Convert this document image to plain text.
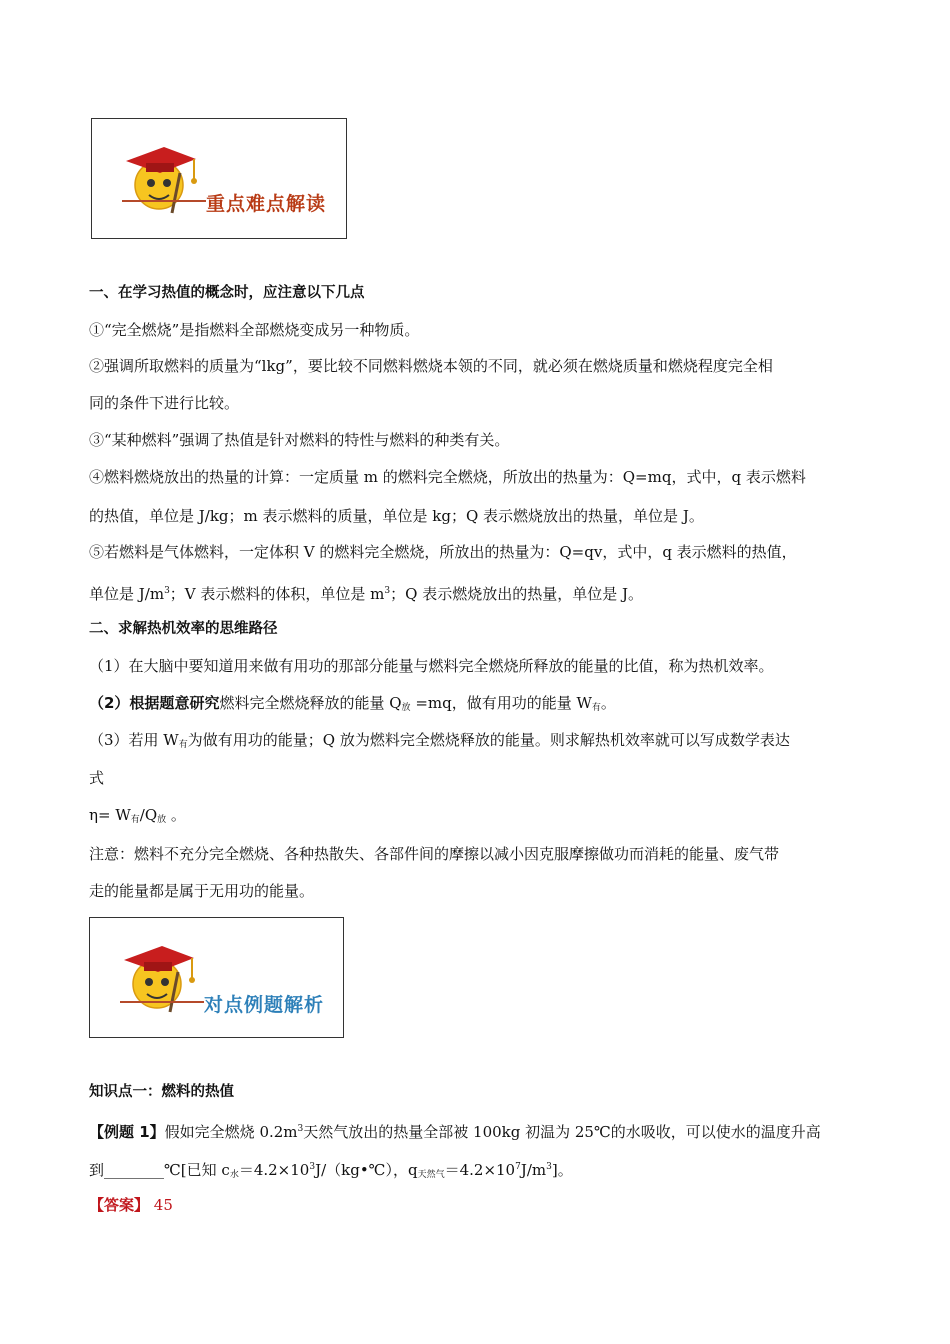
重点难点解读
一、在学习热值的概念时，应注意以下几点
①“完全燃烧”是指燃料全部燃烧变成另一种物质。
②强调所取燃料的质量为“lkg”，要比较不同燃料燃烧本领的不同，就必须在燃烧质量和燃烧程度完全相
同的条件下进行比较。
③“某种燃料”强调了热值是针对燃料的特性与燃料的种类有关。
④燃料燃烧放出的热量的计算：一定质量 m 的燃料完全燃烧，所放出的热量为：Q=mq，式中，q 表示燃料
的热值，单位是 J/kg；m 表示燃料的质量，单位是 kg；Q 表示燃烧放出的热量，单位是 J。
⑤若燃料是气体燃料，一定体积 V 的燃料完全燃烧，所放出的热量为：Q=qv，式中，q 表示燃料的热值，
单位是 $J/m^3$；V 表示燃料的体积，单位是 $m^3$；Q 表示燃烧放出的热量，单位是 J。
二、求解热机效率的思维路径
（1）在大脑中要知道用来做有用功的那部分能量与燃料完全燃烧所释放的能量的比值，称为热机效率。
（2）根据题意研究燃料完全燃烧释放的能量 $Q_放 =mq$，做有用功的能量 $W_有$。
（3）若用 $W_有$为做有用功的能量；Q 放为燃料完全燃烧释放的能量。则求解热机效率就可以写成数学表达
式
$\eta= W_有/Q_放$ 。
注意：燃料不充分完全燃烧、各种热散失、各部件间的摩擦以减小因克服摩擦做功而消耗的能量、废气带
走的能量都是属于无用功的能量。
对点例题解析
知识点一：燃料的热值
【例题 1】假如完全燃烧 $0.2m^3$天然气放出的热量全部被 100kg 初温为 25℃的水吸收，可以使水的温度升高
到________℃[已知 $c_水=4.2\times 10^3J/(kg•℃)$，$q_{天然气}=4.2\times 10^7J/m^3$]。
【答案】 45
